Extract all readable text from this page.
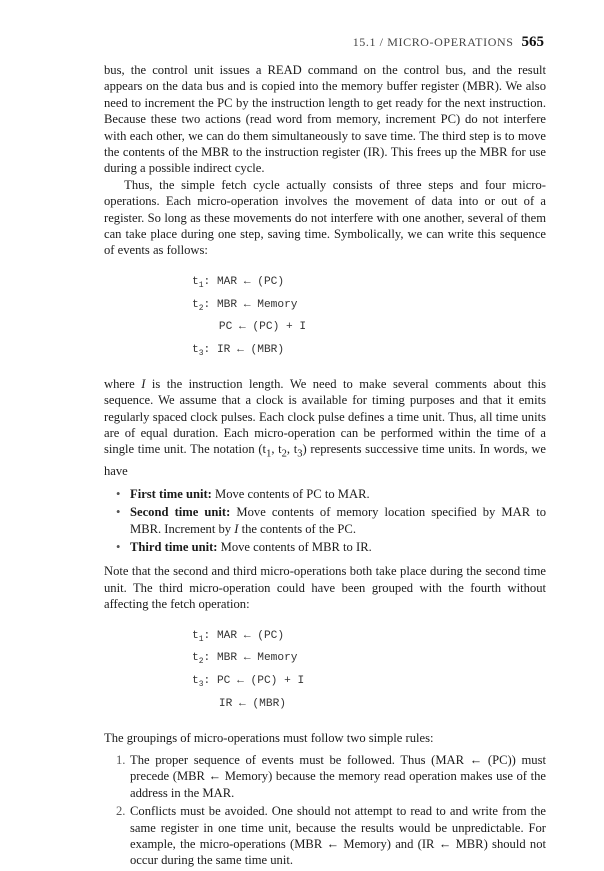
15.1 / MICRO-OPERATIONS 565

bus, the control unit issues a READ command on the control bus, and the result appears on the data bus and is copied into the memory buffer register (MBR). We also need to increment the PC by the instruction length to get ready for the next instruction. Because these two actions (read word from memory, increment PC) do not interfere with each other, we can do them simultaneously to save time. The third step is to move the contents of the MBR to the instruction register (IR). This frees up the MBR for use during a possible indirect cycle.

Thus, the simple fetch cycle actually consists of three steps and four micro-operations. Each micro-operation involves the movement of data into or out of a register. So long as these movements do not interfere with one another, several of them can take place during one step, saving time. Symbolically, we can write this sequence of events as follows:

$t_1$: MAR ← (PC)
$t_2$: MBR ← Memory
PC ← (PC) + I
$t_3$: IR ← (MBR)

where I is the instruction length. We need to make several comments about this sequence. We assume that a clock is available for timing purposes and that it emits regularly spaced clock pulses. Each clock pulse defines a time unit. Thus, all time units are of equal duration. Each micro-operation can be performed within the time of a single time unit. The notation ($t_1$, $t_2$, $t_3$) represents successive time units. In words, we have

• First time unit: Move contents of PC to MAR.
• Second time unit: Move contents of memory location specified by MAR to MBR. Increment by I the contents of the PC.
• Third time unit: Move contents of MBR to IR.

Note that the second and third micro-operations both take place during the second time unit. The third micro-operation could have been grouped with the fourth without affecting the fetch operation:

$t_1$: MAR ← (PC)
$t_2$: MBR ← Memory
$t_3$: PC ← (PC) + I
IR ← (MBR)

The groupings of micro-operations must follow two simple rules:

1. The proper sequence of events must be followed. Thus (MAR ← (PC)) must precede (MBR ← Memory) because the memory read operation makes use of the address in the MAR.
2. Conflicts must be avoided. One should not attempt to read to and write from the same register in one time unit, because the results would be unpredictable. For example, the micro-operations (MBR ← Memory) and (IR ← MBR) should not occur during the same time unit.
